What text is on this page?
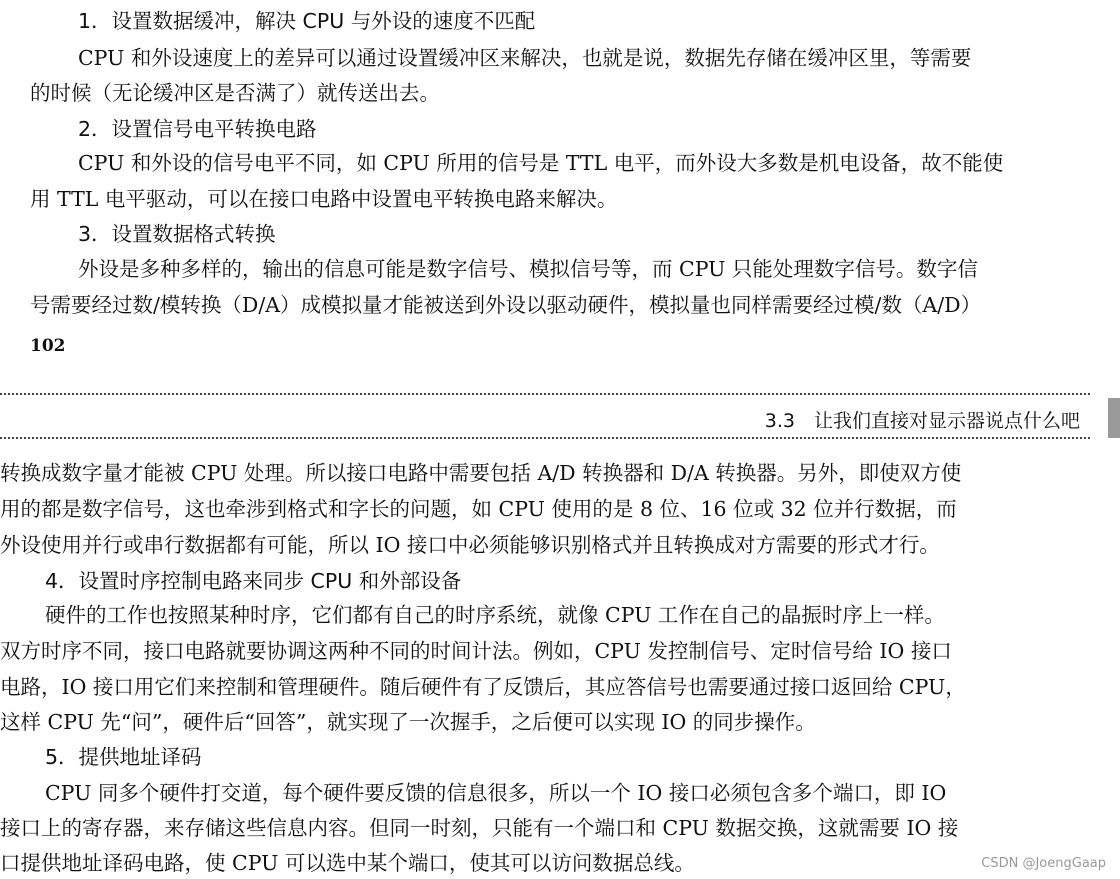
1．设置数据缓冲，解决 CPU 与外设的速度不匹配

CPU 和外设速度上的差异可以通过设置缓冲区来解决，也就是说，数据先存储在缓冲区里，等需要

的时候（无论缓冲区是否满了）就传送出去。

2．设置信号电平转换电路

CPU 和外设的信号电平不同，如 CPU 所用的信号是 TTL 电平，而外设大多数是机电设备，故不能使

用 TTL 电平驱动，可以在接口电路中设置电平转换电路来解决。

3．设置数据格式转换

外设是多种多样的，输出的信息可能是数字信号、模拟信号等，而 CPU 只能处理数字信号。数字信

号需要经过数/模转换（D/A）成模拟量才能被送到外设以驱动硬件，模拟量也同样需要经过模/数（A/D）

102

3.3　让我们直接对显示器说点什么吧

转换成数字量才能被 CPU 处理。所以接口电路中需要包括 A/D 转换器和 D/A 转换器。另外，即使双方使

用的都是数字信号，这也牵涉到格式和字长的问题，如 CPU 使用的是 8 位、16 位或 32 位并行数据，而

外设使用并行或串行数据都有可能，所以 IO 接口中必须能够识别格式并且转换成对方需要的形式才行。

4．设置时序控制电路来同步 CPU 和外部设备

硬件的工作也按照某种时序，它们都有自己的时序系统，就像 CPU 工作在自己的晶振时序上一样。

双方时序不同，接口电路就要协调这两种不同的时间计法。例如，CPU 发控制信号、定时信号给 IO 接口

电路，IO 接口用它们来控制和管理硬件。随后硬件有了反馈后，其应答信号也需要通过接口返回给 CPU，

这样 CPU 先“问”，硬件后“回答”，就实现了一次握手，之后便可以实现 IO 的同步操作。

5．提供地址译码

CPU 同多个硬件打交道，每个硬件要反馈的信息很多，所以一个 IO 接口必须包含多个端口，即 IO

接口上的寄存器，来存储这些信息内容。但同一时刻，只能有一个端口和 CPU 数据交换，这就需要 IO 接

口提供地址译码电路，使 CPU 可以选中某个端口，使其可以访问数据总线。	CSDN @JoengGaap
